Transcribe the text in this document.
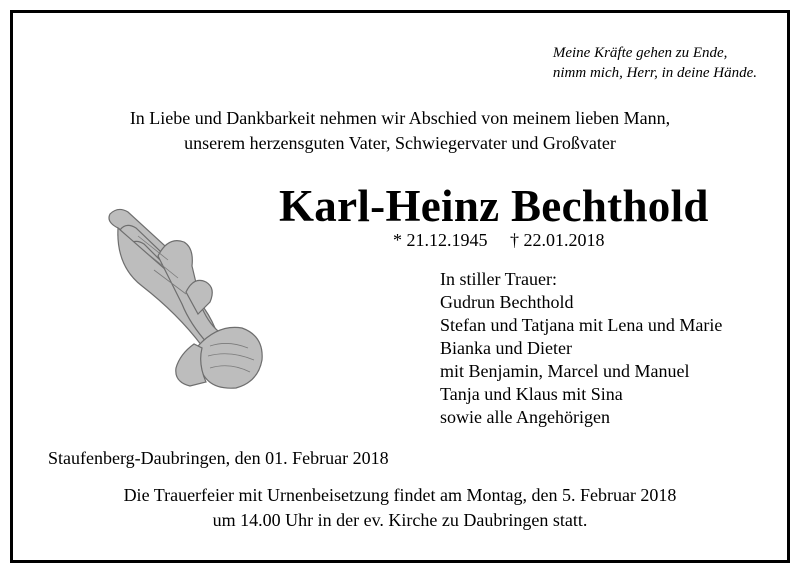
Meine Kräfte gehen zu Ende,
nimm mich, Herr, in deine Hände.
In Liebe und Dankbarkeit nehmen wir Abschied von meinem lieben Mann,
unserem herzensguten Vater, Schwiegervater und Großvater
Karl-Heinz Bechthold
* 21.12.1945 † 22.01.2018
In stiller Trauer:
Gudrun Bechthold
Stefan und Tatjana mit Lena und Marie
Bianka und Dieter
mit Benjamin, Marcel und Manuel
Tanja und Klaus mit Sina
sowie alle Angehörigen
Staufenberg-Daubringen, den 01. Februar 2018
Die Trauerfeier mit Urnenbeisetzung findet am Montag, den 5. Februar 2018
um 14.00 Uhr in der ev. Kirche zu Daubringen statt.
